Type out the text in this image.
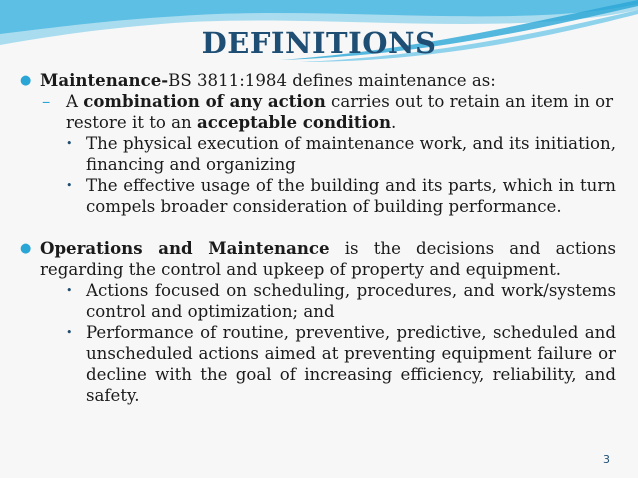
DEFINITIONS
● Maintenance-BS 3811:1984 defines maintenance as:
– A combination of any action carries out to retain an item in or restore it to an acceptable condition.
• The physical execution of maintenance work, and its initiation, financing and organizing
• The effective usage of the building and its parts, which in turn compels broader consideration of building performance.
● Operations and Maintenance is the decisions and actions regarding the control and upkeep of property and equipment.
• Actions focused on scheduling, procedures, and work/systems control and optimization; and
• Performance of routine, preventive, predictive, scheduled and unscheduled actions aimed at preventing equipment failure or decline with the goal of increasing efficiency, reliability, and safety.
3
